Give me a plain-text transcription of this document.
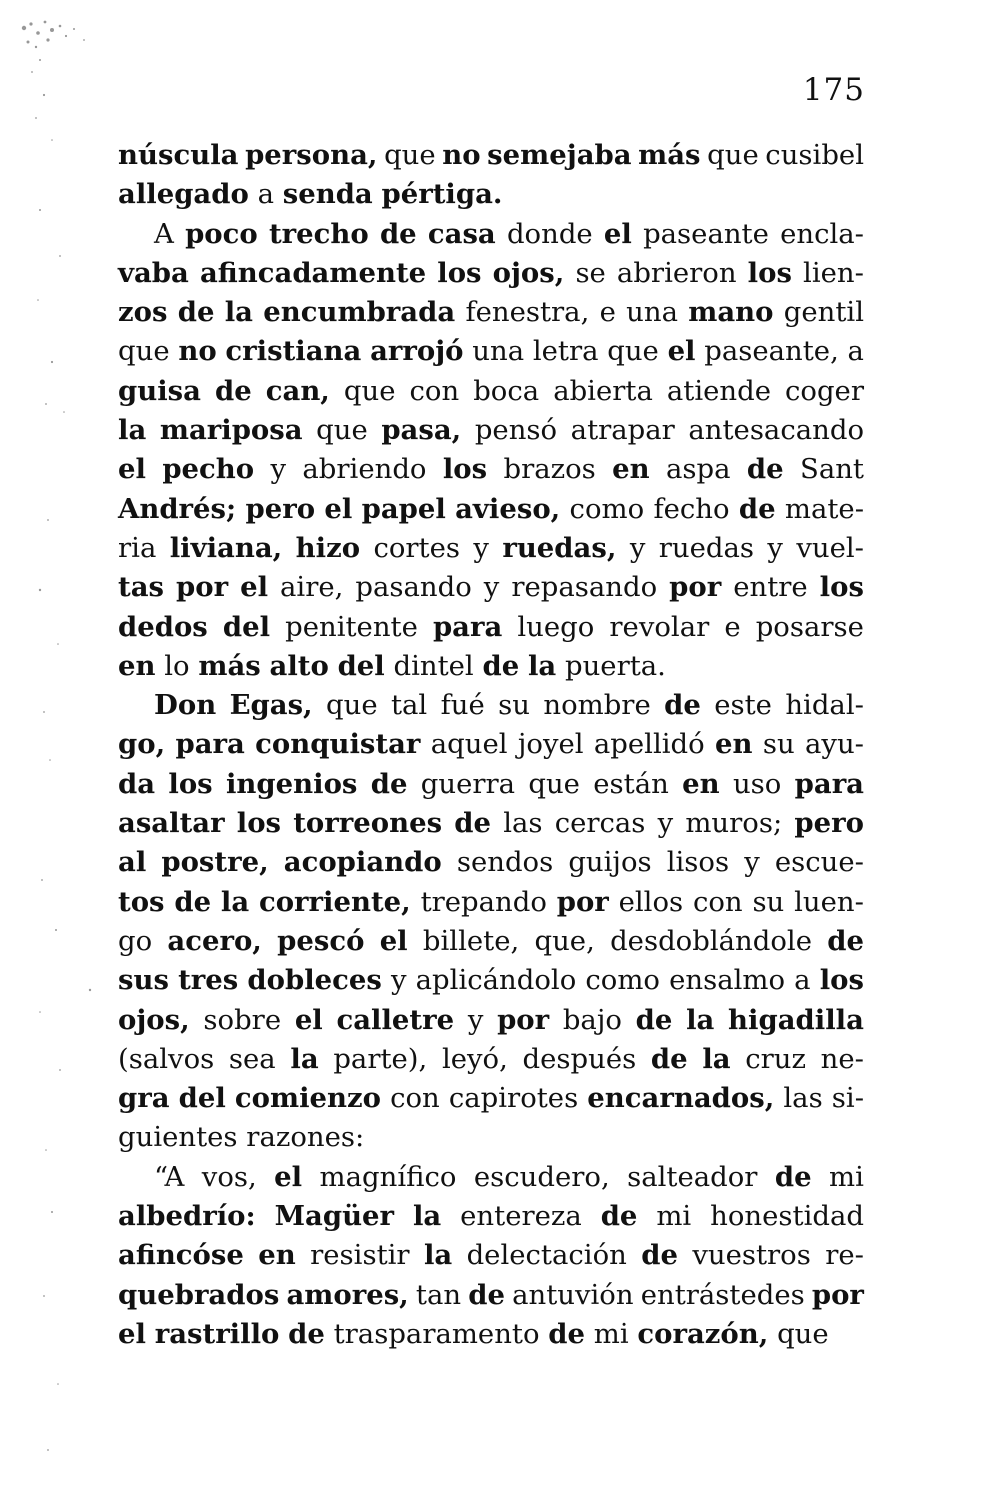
175
núscula persona, que no semejaba más que cusibel
allegado
a
senda
pértiga.
A poco trecho de casa donde el paseante encla-
vaba afincadamente los ojos, se abrieron los lien-
zos de la encumbrada fenestra, e una mano gentil
que no cristiana arrojó una letra que el paseante, a
guisa de can, que con boca abierta atiende coger
la mariposa que pasa, pensó atrapar antesacando
el pecho y abriendo los brazos en aspa de Sant
Andrés; pero el papel avieso, como fecho de mate-
ria liviana, hizo cortes y ruedas, y ruedas y vuel-
tas por el aire, pasando y repasando por entre los
dedos del penitente para luego revolar e posarse
en
lo
más
alto
del
dintel
de
la
puerta.
Don Egas, que tal fué su nombre de este hidal-
go, para conquistar aquel joyel apellidó en su ayu-
da los ingenios de guerra que están en uso para
asaltar los torreones de las cercas y muros; pero
al postre, acopiando sendos guijos lisos y escue-
tos de la corriente, trepando por ellos con su luen-
go acero, pescó el billete, que, desdoblándole de
sus tres dobleces y aplicándolo como ensalmo a los
ojos, sobre el calletre y por bajo de la higadilla
(salvos sea la parte), leyó, después de la cruz ne-
gra del comienzo con capirotes encarnados, las si-
guientes
razones:
“A vos, el magnífico escudero, salteador de mi
albedrío: Magüer la entereza de mi honestidad
afincóse en resistir la delectación de vuestros re-
quebrados amores, tan de antuvión entrástedes por
el
rastrillo
de
trasparamento
de
mi
corazón,
que
